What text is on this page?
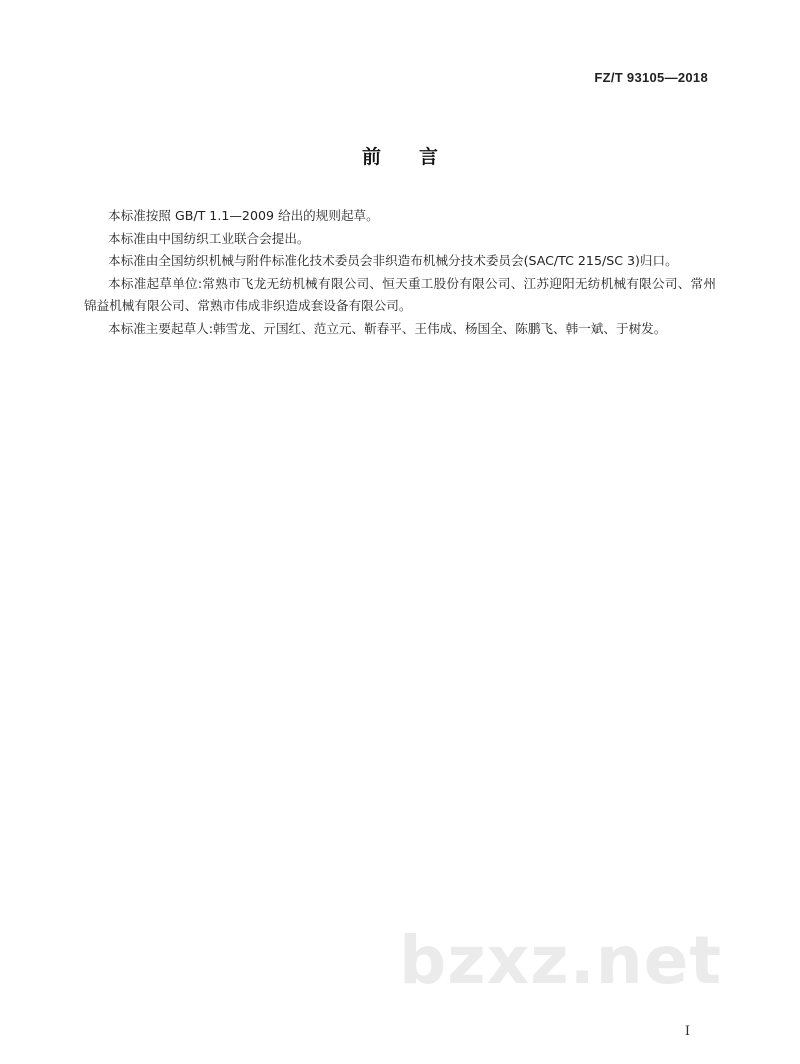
FZ/T 93105—2018
前言

本标准按照 GB/T 1.1—2009 给出的规则起草。

本标准由中国纺织工业联合会提出。

本标准由全国纺织机械与附件标准化技术委员会非织造布机械分技术委员会(SAC/TC 215/SC 3)归口。

本标准起草单位:常熟市飞龙无纺机械有限公司、恒天重工股份有限公司、江苏迎阳无纺机械有限公司、常州锦益机械有限公司、常熟市伟成非织造成套设备有限公司。

本标准主要起草人:韩雪龙、亓国红、范立元、靳春平、王伟成、杨国全、陈鹏飞、韩一斌、于树发。

bzxz.net
I
